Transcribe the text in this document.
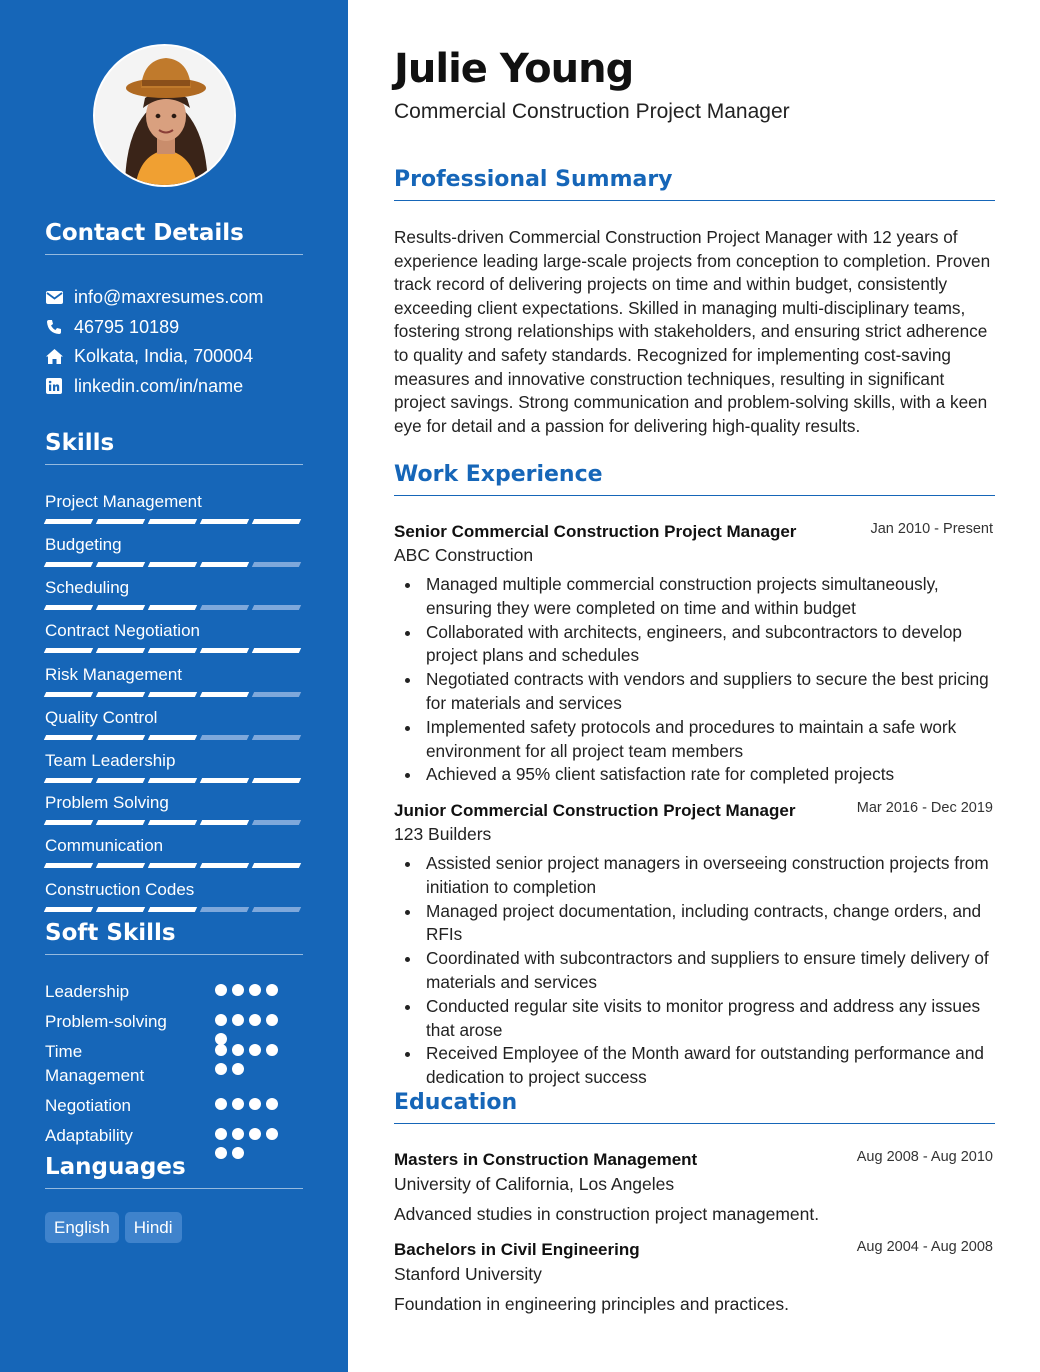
Contact Details
info@maxresumes.com
46795 10189
Kolkata, India, 700004
linkedin.com/in/name
Skills
Project Management
Budgeting
Scheduling
Contract Negotiation
Risk Management
Quality Control
Team Leadership
Problem Solving
Communication
Construction Codes
Soft Skills
Leadership
Problem-solving
Time Management
Negotiation
Adaptability
Languages
English	Hindi
Julie Young
Commercial Construction Project Manager
Professional Summary
Results-driven Commercial Construction Project Manager with 12 years of experience leading large-scale projects from conception to completion. Proven track record of delivering projects on time and within budget, consistently exceeding client expectations. Skilled in managing multi-disciplinary teams, fostering strong relationships with stakeholders, and ensuring strict adherence to quality and safety standards. Recognized for implementing cost-saving measures and innovative construction techniques, resulting in significant project savings. Strong communication and problem-solving skills, with a keen eye for detail and a passion for delivering high-quality results.
Work Experience
Senior Commercial Construction Project Manager	Jan 2010 - Present
ABC Construction
Managed multiple commercial construction projects simultaneously, ensuring they were completed on time and within budget
Collaborated with architects, engineers, and subcontractors to develop project plans and schedules
Negotiated contracts with vendors and suppliers to secure the best pricing for materials and services
Implemented safety protocols and procedures to maintain a safe work environment for all project team members
Achieved a 95% client satisfaction rate for completed projects
Junior Commercial Construction Project Manager	Mar 2016 - Dec 2019
123 Builders
Assisted senior project managers in overseeing construction projects from initiation to completion
Managed project documentation, including contracts, change orders, and RFIs
Coordinated with subcontractors and suppliers to ensure timely delivery of materials and services
Conducted regular site visits to monitor progress and address any issues that arose
Received Employee of the Month award for outstanding performance and dedication to project success
Education
Masters in Construction Management	Aug 2008 - Aug 2010
University of California, Los Angeles
Advanced studies in construction project management.
Bachelors in Civil Engineering	Aug 2004 - Aug 2008
Stanford University
Foundation in engineering principles and practices.
